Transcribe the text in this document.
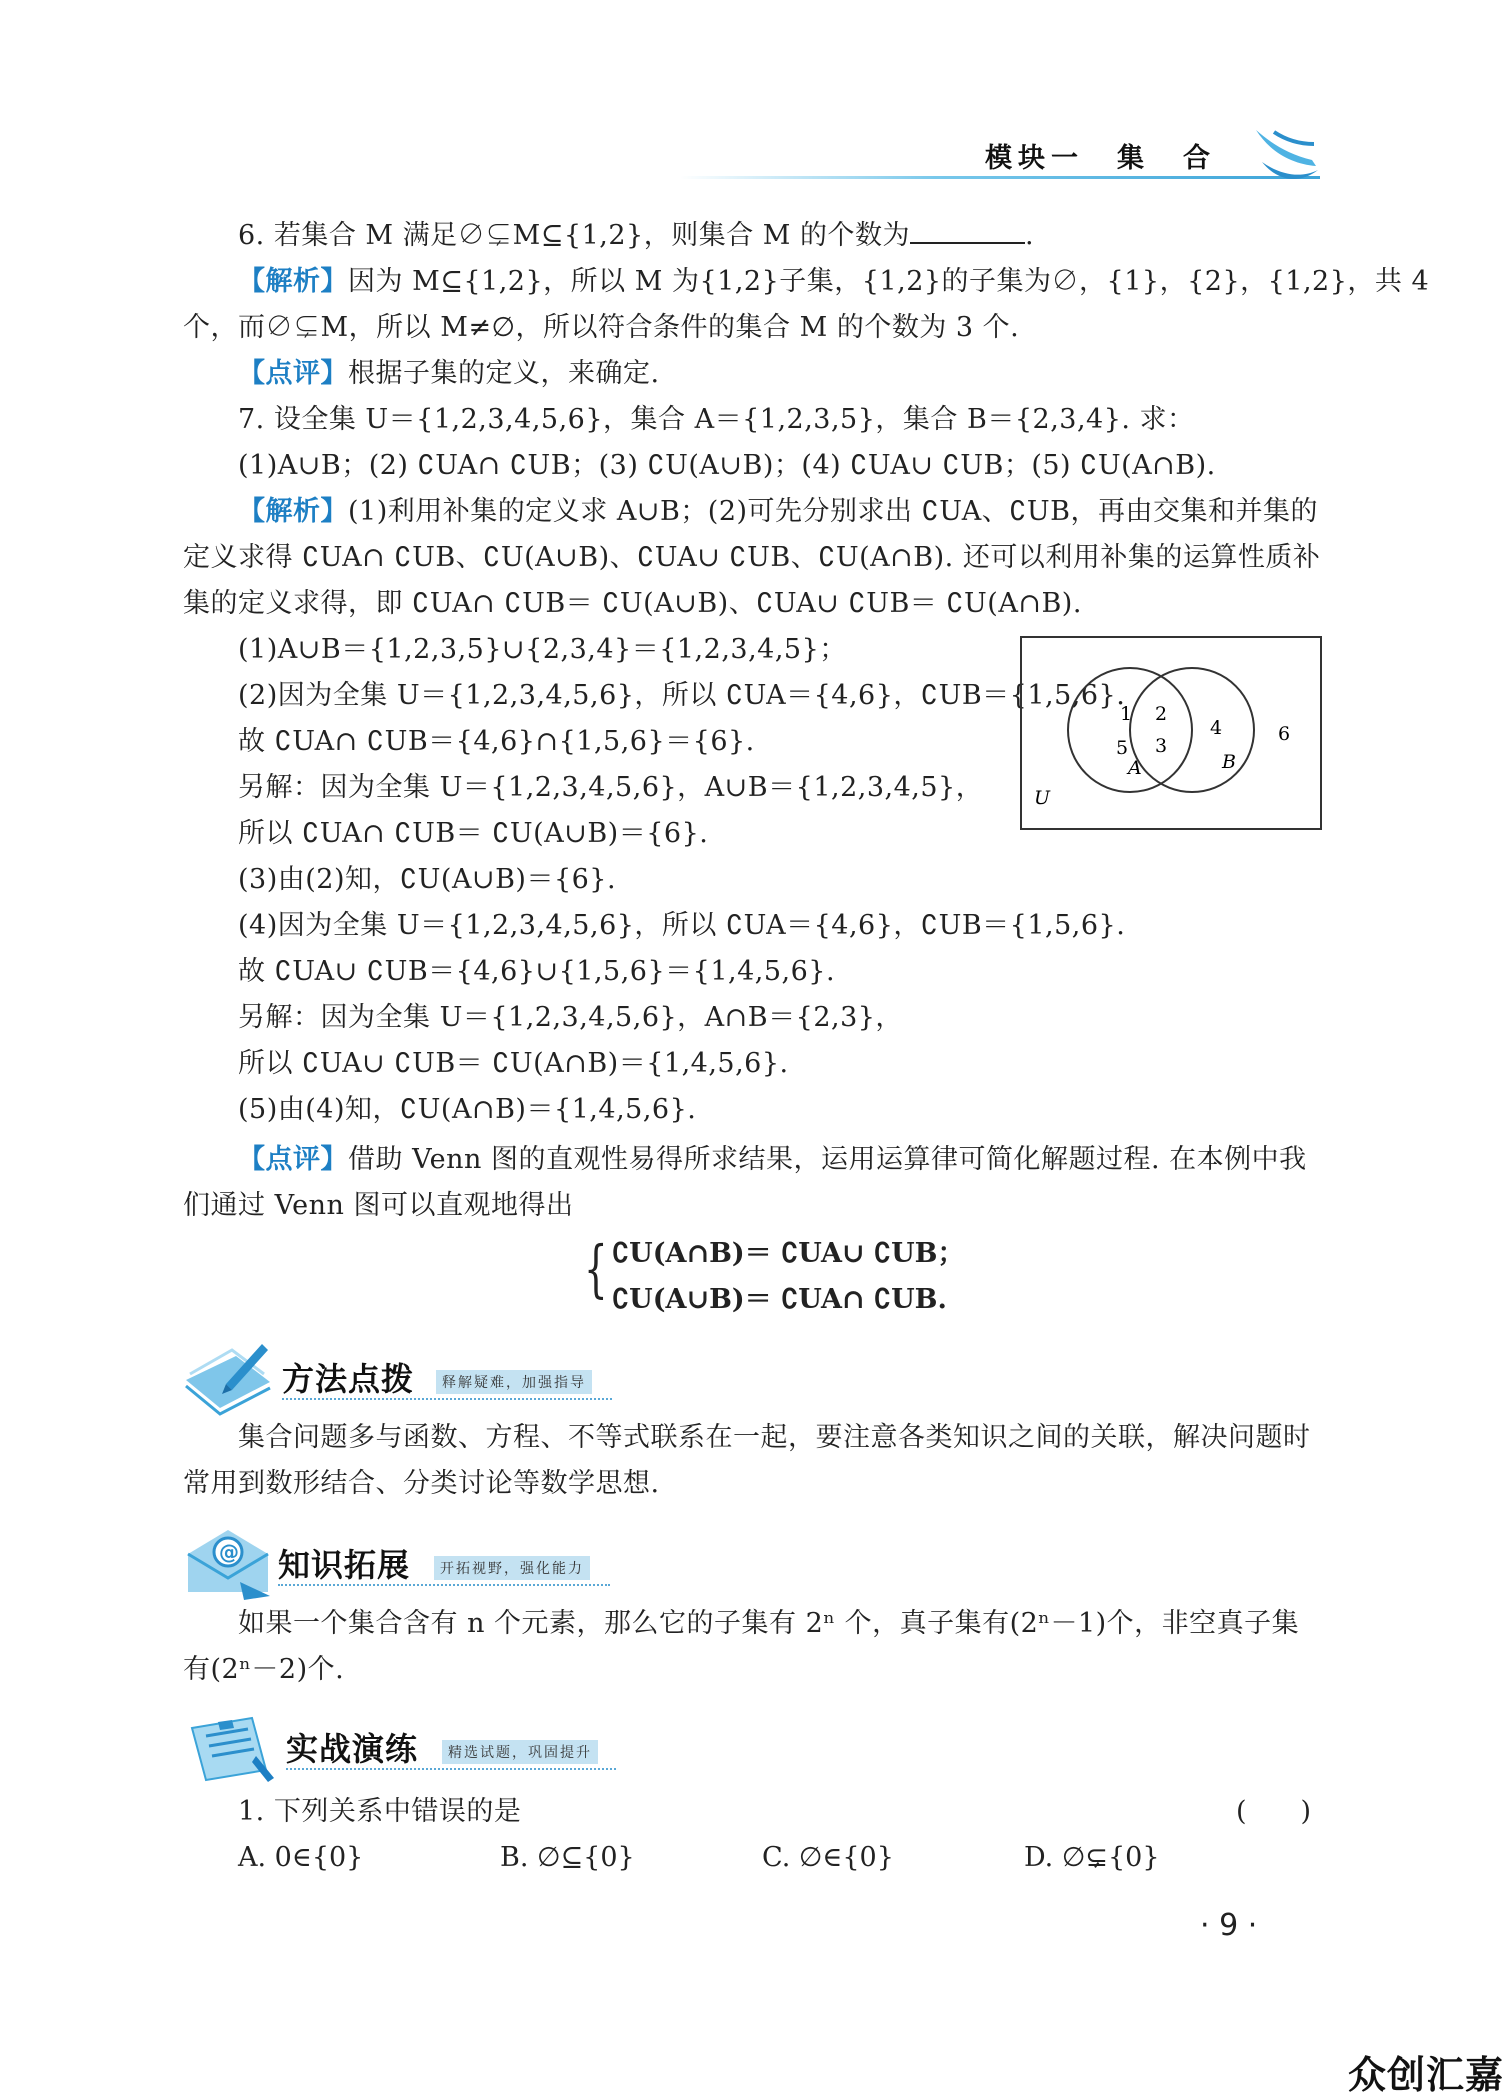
模块一　集　合
6. 若集合 M 满足∅⊊M⊆{1,2}，则集合 M 的个数为	.
【解析】因为 M⊆{1,2}，所以 M 为{1,2}子集，{1,2}的子集为∅，{1}，{2}，{1,2}，共 4
个，而∅⊊M，所以 M≠∅，所以符合条件的集合 M 的个数为 3 个.
【点评】根据子集的定义，来确定.
7. 设全集 U＝{1,2,3,4,5,6}，集合 A＝{1,2,3,5}，集合 B＝{2,3,4}. 求：
(1)A∪B；(2) ∁UA∩ ∁UB；(3) ∁U(A∪B)；(4) ∁UA∪ ∁UB；(5) ∁U(A∩B).
【解析】(1)利用补集的定义求 A∪B；(2)可先分别求出 ∁UA、∁UB，再由交集和并集的
定义求得 ∁UA∩ ∁UB、∁U(A∪B)、∁UA∪ ∁UB、∁U(A∩B). 还可以利用补集的运算性质补
集的定义求得，即 ∁UA∩ ∁UB＝ ∁U(A∪B)、∁UA∪ ∁UB＝ ∁U(A∩B).
(1)A∪B＝{1,2,3,5}∪{2,3,4}＝{1,2,3,4,5}；
(2)因为全集 U＝{1,2,3,4,5,6}，所以 ∁UA＝{4,6}，∁UB＝{1,5,6}.
故 ∁UA∩ ∁UB＝{4,6}∩{1,5,6}＝{6}.
另解：因为全集 U＝{1,2,3,4,5,6}，A∪B＝{1,2,3,4,5}，
所以 ∁UA∩ ∁UB＝ ∁U(A∪B)＝{6}.
(3)由(2)知，∁U(A∪B)＝{6}.
(4)因为全集 U＝{1,2,3,4,5,6}，所以 ∁UA＝{4,6}，∁UB＝{1,5,6}.
故 ∁UA∪ ∁UB＝{4,6}∪{1,5,6}＝{1,4,5,6}.
另解：因为全集 U＝{1,2,3,4,5,6}，A∩B＝{2,3}，
所以 ∁UA∪ ∁UB＝ ∁U(A∩B)＝{1,4,5,6}.
(5)由(4)知，∁U(A∩B)＝{1,4,5,6}.
1
5
2
3
4	6
A	B
U
【点评】借助 Venn 图的直观性易得所求结果，运用运算律可简化解题过程. 在本例中我
们通过 Venn 图可以直观地得出
{ ∁U(A∩B)＝ ∁UA∪ ∁UB；
∁U(A∪B)＝ ∁UA∩ ∁UB.
方法点拨	释解疑难，加强指导
集合问题多与函数、方程、不等式联系在一起，要注意各类知识之间的关联，解决问题时
常用到数形结合、分类讨论等数学思想.
@ 知识拓展	开拓视野，强化能力
如果一个集合含有 n 个元素，那么它的子集有 2ⁿ 个，真子集有(2ⁿ－1)个，非空真子集
有(2ⁿ－2)个.
实战演练	精选试题，巩固提升
1. 下列关系中错误的是	(　　)
A. 0∈{0}	B. ∅⊆{0}	C. ∅∈{0}	D. ∅⊊{0}
· 9 ·
众创汇嘉
